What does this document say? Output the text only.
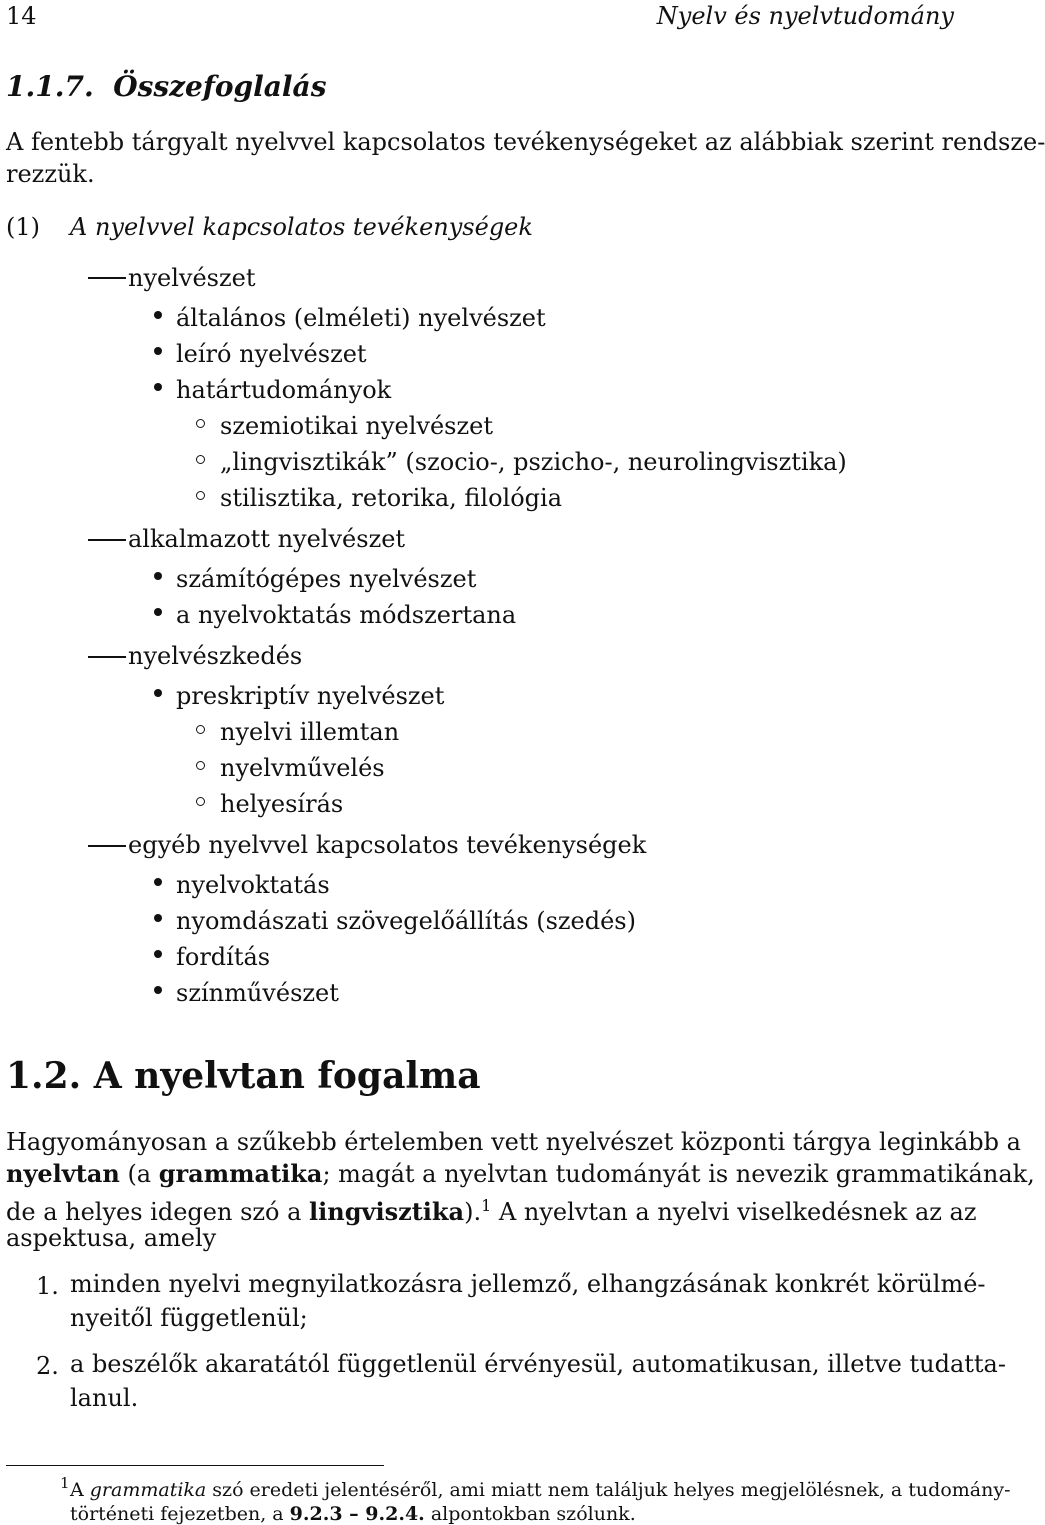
14	Nyelv és nyelvtudomány
1.1.7. Összefoglalás
A fentebb tárgyalt nyelvvel kapcsolatos tevékenységeket az alábbiak szerint rendsze-
rezzük.
(1) A nyelvvel kapcsolatos tevékenységek
nyelvészet
általános (elméleti) nyelvészet
leíró nyelvészet
határtudományok
szemiotikai nyelvészet
„lingvisztikák” (szocio-, pszicho-, neurolingvisztika)
stilisztika, retorika, filológia
alkalmazott nyelvészet
számítógépes nyelvészet
a nyelvoktatás módszertana
nyelvészkedés
preskriptív nyelvészet
nyelvi illemtan
nyelvművelés
helyesírás
egyéb nyelvvel kapcsolatos tevékenységek
nyelvoktatás
nyomdászati szövegelőállítás (szedés)
fordítás
színművészet
1.2. A nyelvtan fogalma
Hagyományosan a szűkebb értelemben vett nyelvészet központi tárgya leginkább a
nyelvtan (a grammatika; magát a nyelvtan tudományát is nevezik grammatikának,
de a helyes idegen szó a lingvisztika).$^1$ A nyelvtan a nyelvi viselkedésnek az az
aspektusa, amely
1. minden nyelvi megnyilatkozásra jellemző, elhangzásának konkrét körülmé-
nyeitől függetlenül;
2. a beszélők akaratától függetlenül érvényesül, automatikusan, illetve tudatta-
lanul.
1 A grammatika szó eredeti jelentéséről, ami miatt nem találjuk helyes megjelölésnek, a tudomány-
történeti fejezetben, a 9.2.3 – 9.2.4. alpontokban szólunk.
